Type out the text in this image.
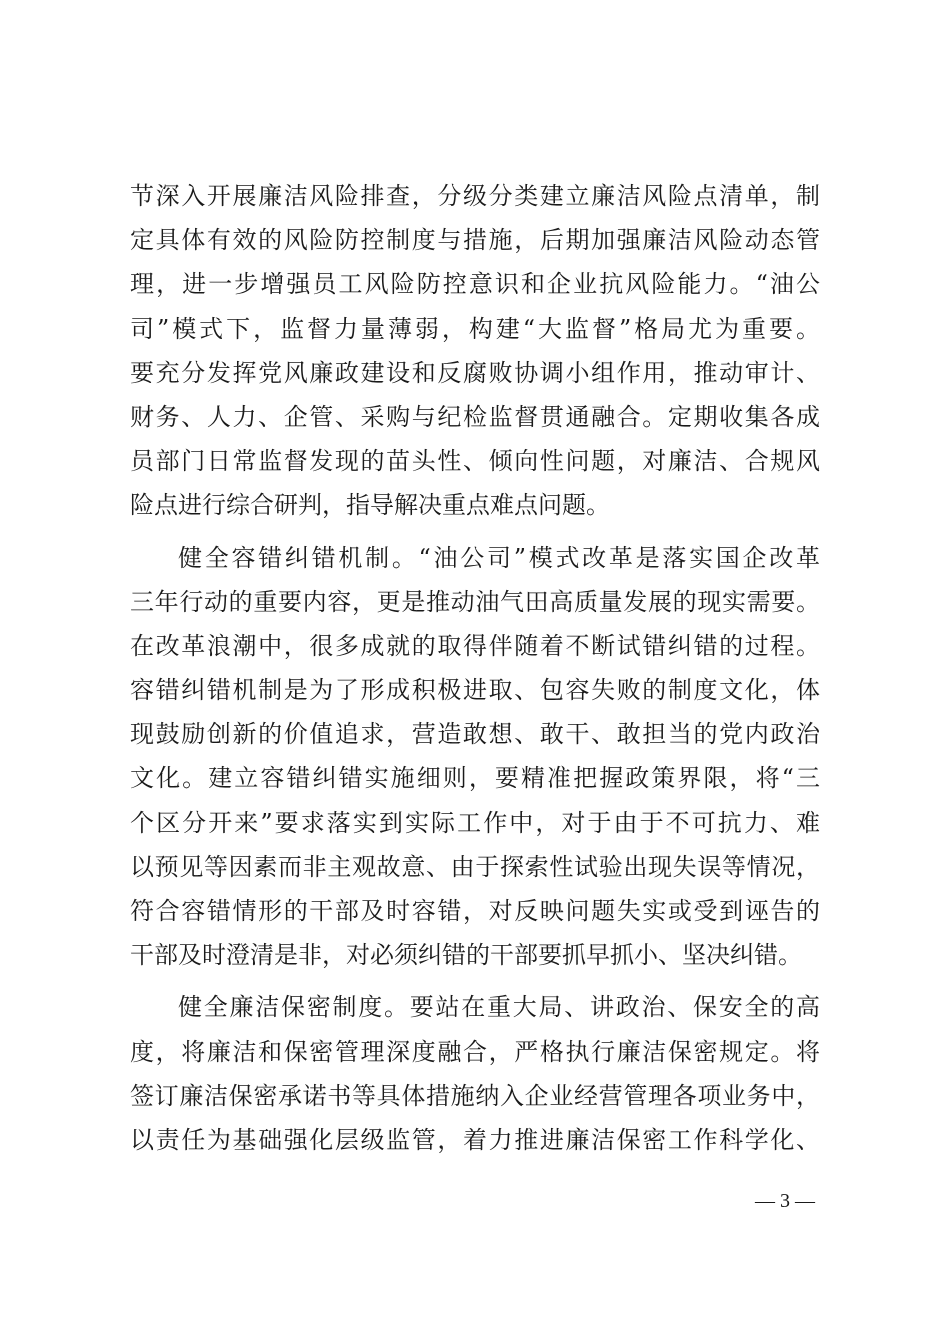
节深入开展廉洁风险排查，分级分类建立廉洁风险点清单，制
定具体有效的风险防控制度与措施，后期加强廉洁风险动态管
理，进一步增强员工风险防控意识和企业抗风险能力。“油公
司”模式下，监督力量薄弱，构建“大监督”格局尤为重要。
要充分发挥党风廉政建设和反腐败协调小组作用，推动审计、
财务、人力、企管、采购与纪检监督贯通融合。定期收集各成
员部门日常监督发现的苗头性、倾向性问题，对廉洁、合规风
险点进行综合研判，指导解决重点难点问题。
健全容错纠错机制。“油公司”模式改革是落实国企改革
三年行动的重要内容，更是推动油气田高质量发展的现实需要。
在改革浪潮中，很多成就的取得伴随着不断试错纠错的过程。
容错纠错机制是为了形成积极进取、包容失败的制度文化，体
现鼓励创新的价值追求，营造敢想、敢干、敢担当的党内政治
文化。建立容错纠错实施细则，要精准把握政策界限，将“三
个区分开来”要求落实到实际工作中，对于由于不可抗力、难
以预见等因素而非主观故意、由于探索性试验出现失误等情况，
符合容错情形的干部及时容错，对反映问题失实或受到诬告的
干部及时澄清是非，对必须纠错的干部要抓早抓小、坚决纠错。
健全廉洁保密制度。要站在重大局、讲政治、保安全的高
度，将廉洁和保密管理深度融合，严格执行廉洁保密规定。将
签订廉洁保密承诺书等具体措施纳入企业经营管理各项业务中，
以责任为基础强化层级监管，着力推进廉洁保密工作科学化、
— 3 —
